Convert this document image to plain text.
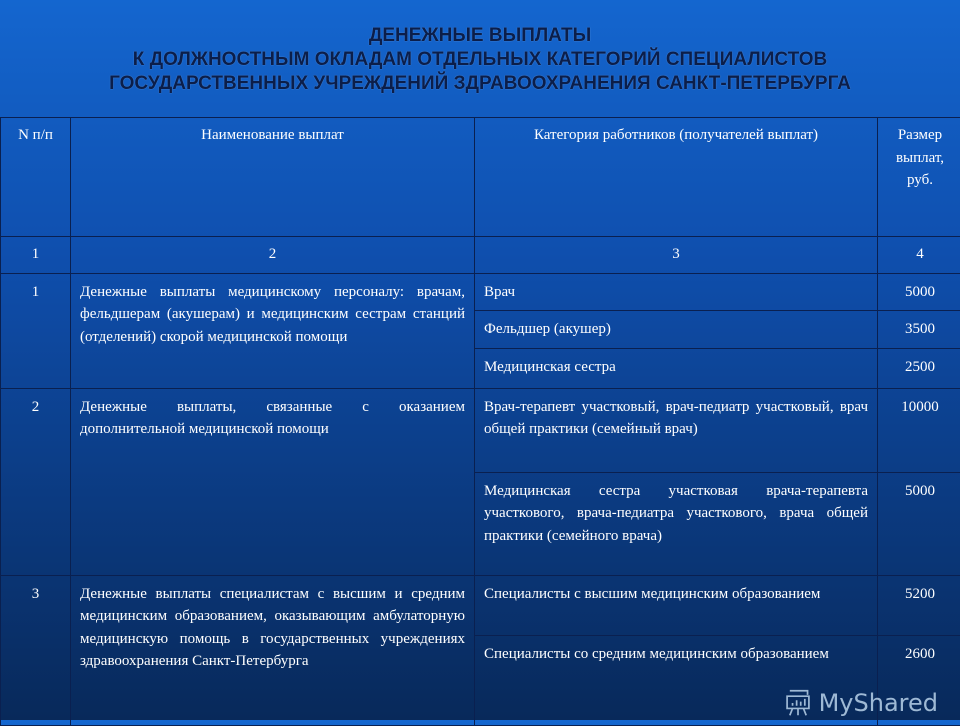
ДЕНЕЖНЫЕ ВЫПЛАТЫ
К ДОЛЖНОСТНЫМ ОКЛАДАМ ОТДЕЛЬНЫХ КАТЕГОРИЙ СПЕЦИАЛИСТОВ
ГОСУДАРСТВЕННЫХ УЧРЕЖДЕНИЙ ЗДРАВООХРАНЕНИЯ САНКТ-ПЕТЕРБУРГА
N п/п	Наименование выплат	Категория работников (получателей выплат)	Размер выплат, руб.
1	2	3	4
1	Денежные выплаты медицинскому персоналу: врачам, фельдшерам (акушерам) и медицинским сестрам станций (отделений) скорой медицинской помощи	Врач	5000
		Фельдшер (акушер)	3500
		Медицинская сестра	2500
2	Денежные выплаты, связанные с оказанием дополнительной медицинской помощи	Врач-терапевт участковый, врач-педиатр участковый, врач общей практики (семейный врач)	10000
		Медицинская сестра участковая врача-терапевта участкового, врача-педиатра участкового, врача общей практики (семейного врача)	5000
3	Денежные выплаты специалистам с высшим и средним медицинским образованием, оказывающим амбулаторную медицинскую помощь в государственных учреждениях здравоохранения Санкт-Петербурга	Специалисты с высшим медицинским образованием	5200
		Специалисты со средним медицинским образованием	2600
MyShared
